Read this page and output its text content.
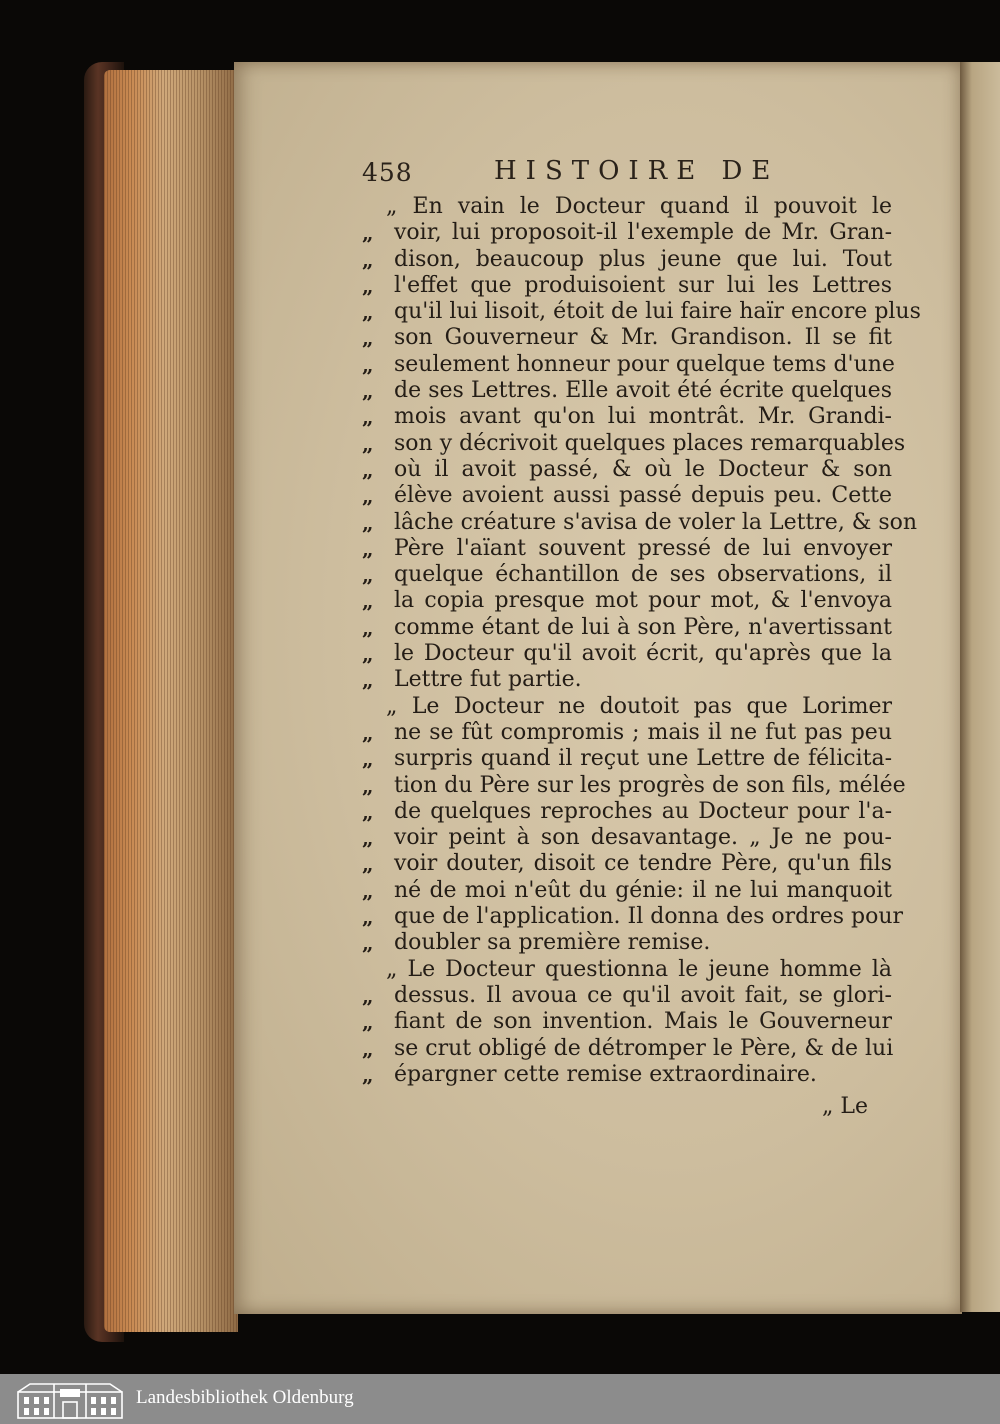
458	HISTOIRE DE
„ En vain le Docteur quand il pouvoit le
„ voir, lui proposoit-il l'exemple de Mr. Gran-
„ dison, beaucoup plus jeune que lui. Tout
„ l'effet que produisoient sur lui les Lettres
„ qu'il lui lisoit, étoit de lui faire haïr encore plus
„ son Gouverneur & Mr. Grandison. Il se fit
„ seulement honneur pour quelque tems d'une
„ de ses Lettres. Elle avoit été écrite quelques
„ mois avant qu'on lui montrât. Mr. Grandi-
„ son y décrivoit quelques places remarquables
„ où il avoit passé, & où le Docteur & son
„ élève avoient aussi passé depuis peu. Cette
„ lâche créature s'avisa de voler la Lettre, & son
„ Père l'aïant souvent pressé de lui envoyer
„ quelque échantillon de ses observations, il
„ la copia presque mot pour mot, & l'envoya
„ comme étant de lui à son Père, n'avertissant
„ le Docteur qu'il avoit écrit, qu'après que la
„ Lettre fut partie.
„ Le Docteur ne doutoit pas que Lorimer
„ ne se fût compromis ; mais il ne fut pas peu
„ surpris quand il reçut une Lettre de félicita-
„ tion du Père sur les progrès de son fils, mélée
„ de quelques reproches au Docteur pour l'a-
„ voir peint à son desavantage. „ Je ne pou-
„ voir douter, disoit ce tendre Père, qu'un fils
„ né de moi n'eût du génie: il ne lui manquoit
„ que de l'application. Il donna des ordres pour
„ doubler sa première remise.
„ Le Docteur questionna le jeune homme là
„ dessus. Il avoua ce qu'il avoit fait, se glori-
„ fiant de son invention. Mais le Gouverneur
„ se crut obligé de détromper le Père, & de lui
„ épargner cette remise extraordinaire.
„ Le
Landesbibliothek Oldenburg
